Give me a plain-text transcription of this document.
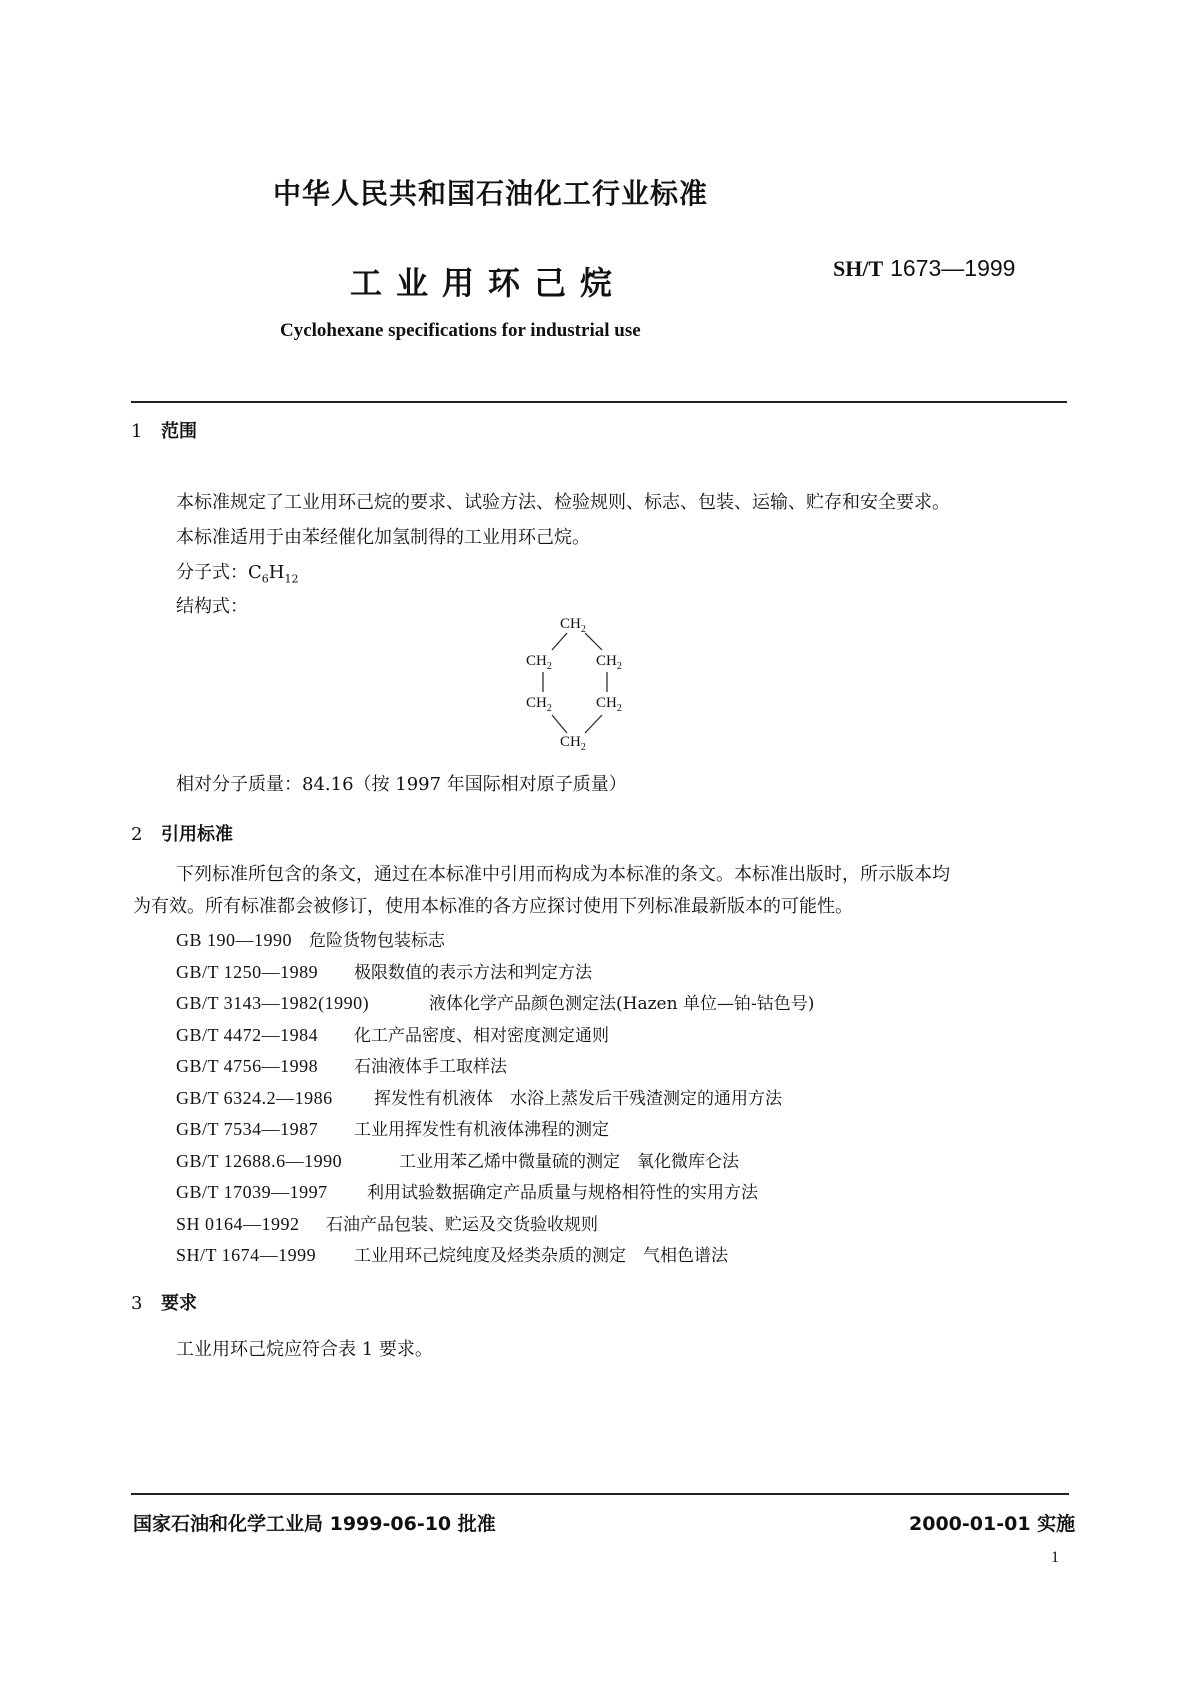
中华人民共和国石油化工行业标准
工业用环己烷	SH/T 1673—1999
Cyclohexane specifications for industrial use
1 范围
本标准规定了工业用环己烷的要求、试验方法、检验规则、标志、包装、运输、贮存和安全要求。
本标准适用于由苯经催化加氢制得的工业用环己烷。
分子式：$C_6H_{12}$
结构式：
$CH_2$
$CH_2$	$CH_2$
$CH_2$	$CH_2$
$CH_2$
相对分子质量：84.16（按 1997 年国际相对原子质量）
2 引用标准
下列标准所包含的条文，通过在本标准中引用而构成为本标准的条文。本标准出版时，所示版本均
为有效。所有标准都会被修订，使用本标准的各方应探讨使用下列标准最新版本的可能性。
GB 190—1990 危险货物包装标志
GB/T 1250—1989 极限数值的表示方法和判定方法
GB/T 3143—1982(1990)	液体化学产品颜色测定法(Hazen 单位—铂-钴色号)
GB/T 4472—1984 化工产品密度、相对密度测定通则
GB/T 4756—1998 石油液体手工取样法
GB/T 6324.2—1986 挥发性有机液体　水浴上蒸发后干残渣测定的通用方法
GB/T 7534—1987 工业用挥发性有机液体沸程的测定
GB/T 12688.6—1990	工业用苯乙烯中微量硫的测定　氧化微库仑法
GB/T 17039—1997 利用试验数据确定产品质量与规格相符性的实用方法
SH 0164—1992 石油产品包装、贮运及交货验收规则
SH/T 1674—1999 工业用环己烷纯度及烃类杂质的测定　气相色谱法
3 要求
工业用环己烷应符合表 1 要求。
国家石油和化学工业局 1999-06-10 批准	2000-01-01 实施
1
